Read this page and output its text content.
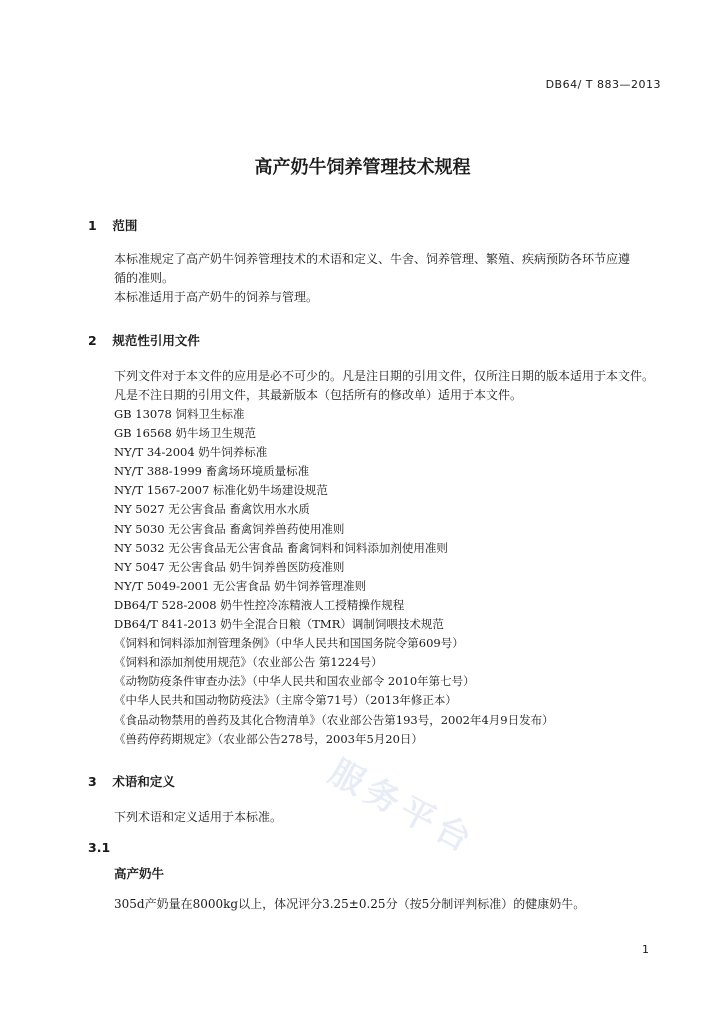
DB64/ T 883—2013
高产奶牛饲养管理技术规程
1 范围
本标准规定了高产奶牛饲养管理技术的术语和定义、牛舍、饲养管理、繁殖、疾病预防各环节应遵
循的准则。
本标准适用于高产奶牛的饲养与管理。
2 规范性引用文件
下列文件对于本文件的应用是必不可少的。凡是注日期的引用文件，仅所注日期的版本适用于本文件。
凡是不注日期的引用文件，其最新版本（包括所有的修改单）适用于本文件。
GB 13078 饲料卫生标准
GB 16568 奶牛场卫生规范
NY/T 34-2004 奶牛饲养标准
NY/T 388-1999 畜禽场环境质量标准
NY/T 1567-2007 标准化奶牛场建设规范
NY 5027 无公害食品 畜禽饮用水水质
NY 5030 无公害食品 畜禽饲养兽药使用准则
NY 5032 无公害食品无公害食品 畜禽饲料和饲料添加剂使用准则
NY 5047 无公害食品 奶牛饲养兽医防疫准则
NY/T 5049-2001 无公害食品 奶牛饲养管理准则
DB64/T 528-2008 奶牛性控冷冻精液人工授精操作规程
DB64/T 841-2013 奶牛全混合日粮（TMR）调制饲喂技术规范
《饲料和饲料添加剂管理条例》（中华人民共和国国务院令第609号）
《饲料和添加剂使用规范》（农业部公告 第1224号）
《动物防疫条件审查办法》（中华人民共和国农业部令 2010年第七号）
《中华人民共和国动物防疫法》（主席令第71号）（2013年修正本）
《食品动物禁用的兽药及其化合物清单》（农业部公告第193号，2002年4月9日发布）
《兽药停药期规定》（农业部公告278号，2003年5月20日）
3 术语和定义
下列术语和定义适用于本标准。
3.1
高产奶牛
305d产奶量在8000kg以上，体况评分3.25±0.25分（按5分制评判标准）的健康奶牛。
服务平台
1
